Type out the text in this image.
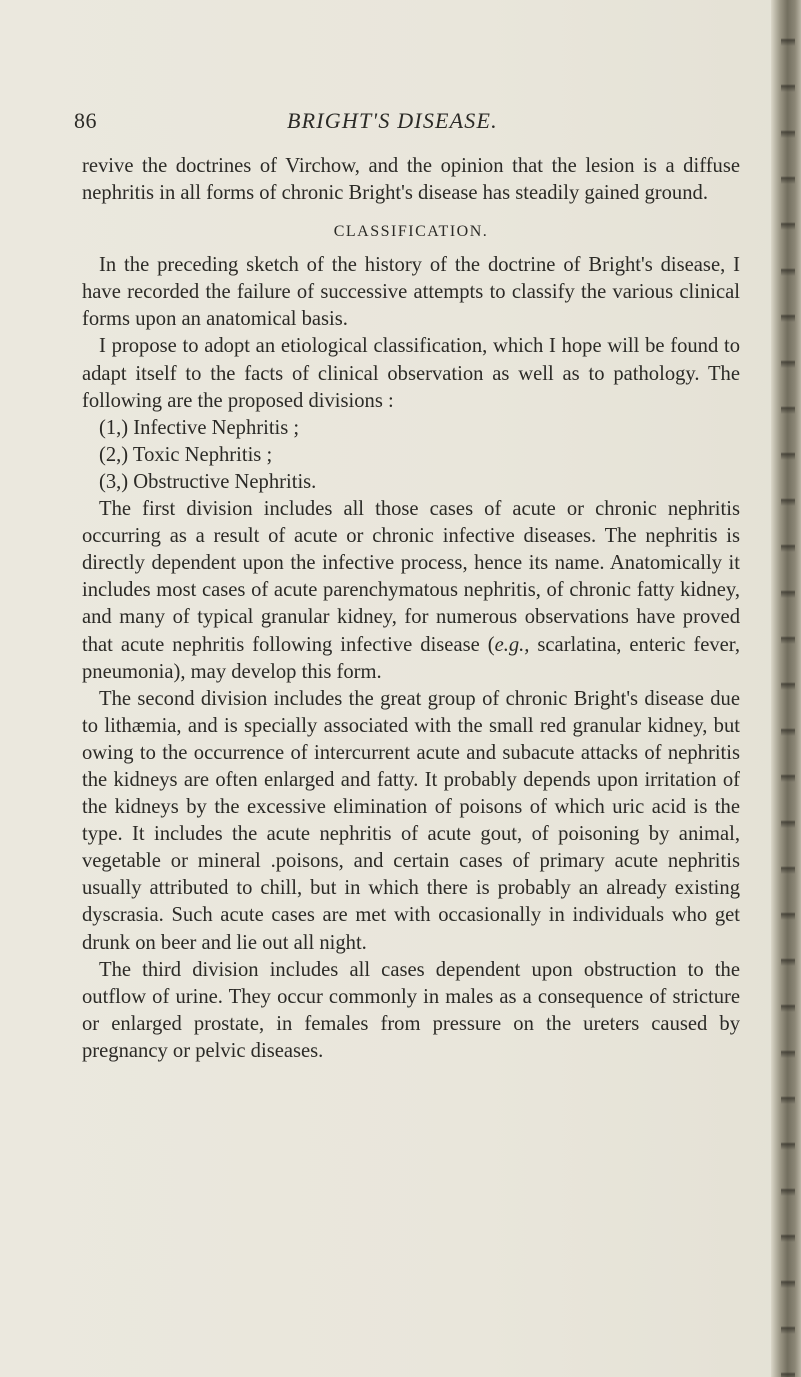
86	BRIGHT'S DISEASE.

revive the doctrines of Virchow, and the opinion that the lesion is a diffuse nephritis in all forms of chronic Bright's disease has steadily gained ground.

CLASSIFICATION.

In the preceding sketch of the history of the doctrine of Bright's disease, I have recorded the failure of successive attempts to classify the various clinical forms upon an anatomical basis.

I propose to adopt an etiological classification, which I hope will be found to adapt itself to the facts of clinical observation as well as to pathology. The following are the proposed divisions :

(1,) Infective Nephritis ;

(2,) Toxic Nephritis ;

(3,) Obstructive Nephritis.

The first division includes all those cases of acute or chronic nephritis occurring as a result of acute or chronic infective diseases. The nephritis is directly dependent upon the infective process, hence its name. Anatomically it includes most cases of acute parenchymatous nephritis, of chronic fatty kidney, and many of typical granular kidney, for numerous observations have proved that acute nephritis following infective disease (e.g., scarlatina, enteric fever, pneumonia), may develop this form.

The second division includes the great group of chronic Bright's disease due to lithæmia, and is specially associated with the small red granular kidney, but owing to the occurrence of intercurrent acute and subacute attacks of nephritis the kidneys are often enlarged and fatty. It probably depends upon irritation of the kidneys by the excessive elimination of poisons of which uric acid is the type. It includes the acute nephritis of acute gout, of poisoning by animal, vegetable or mineral .poisons, and certain cases of primary acute nephritis usually attributed to chill, but in which there is probably an already existing dyscrasia. Such acute cases are met with occasionally in individuals who get drunk on beer and lie out all night.

The third division includes all cases dependent upon obstruction to the outflow of urine. They occur commonly in males as a consequence of stricture or enlarged prostate, in females from pressure on the ureters caused by pregnancy or pelvic diseases.
